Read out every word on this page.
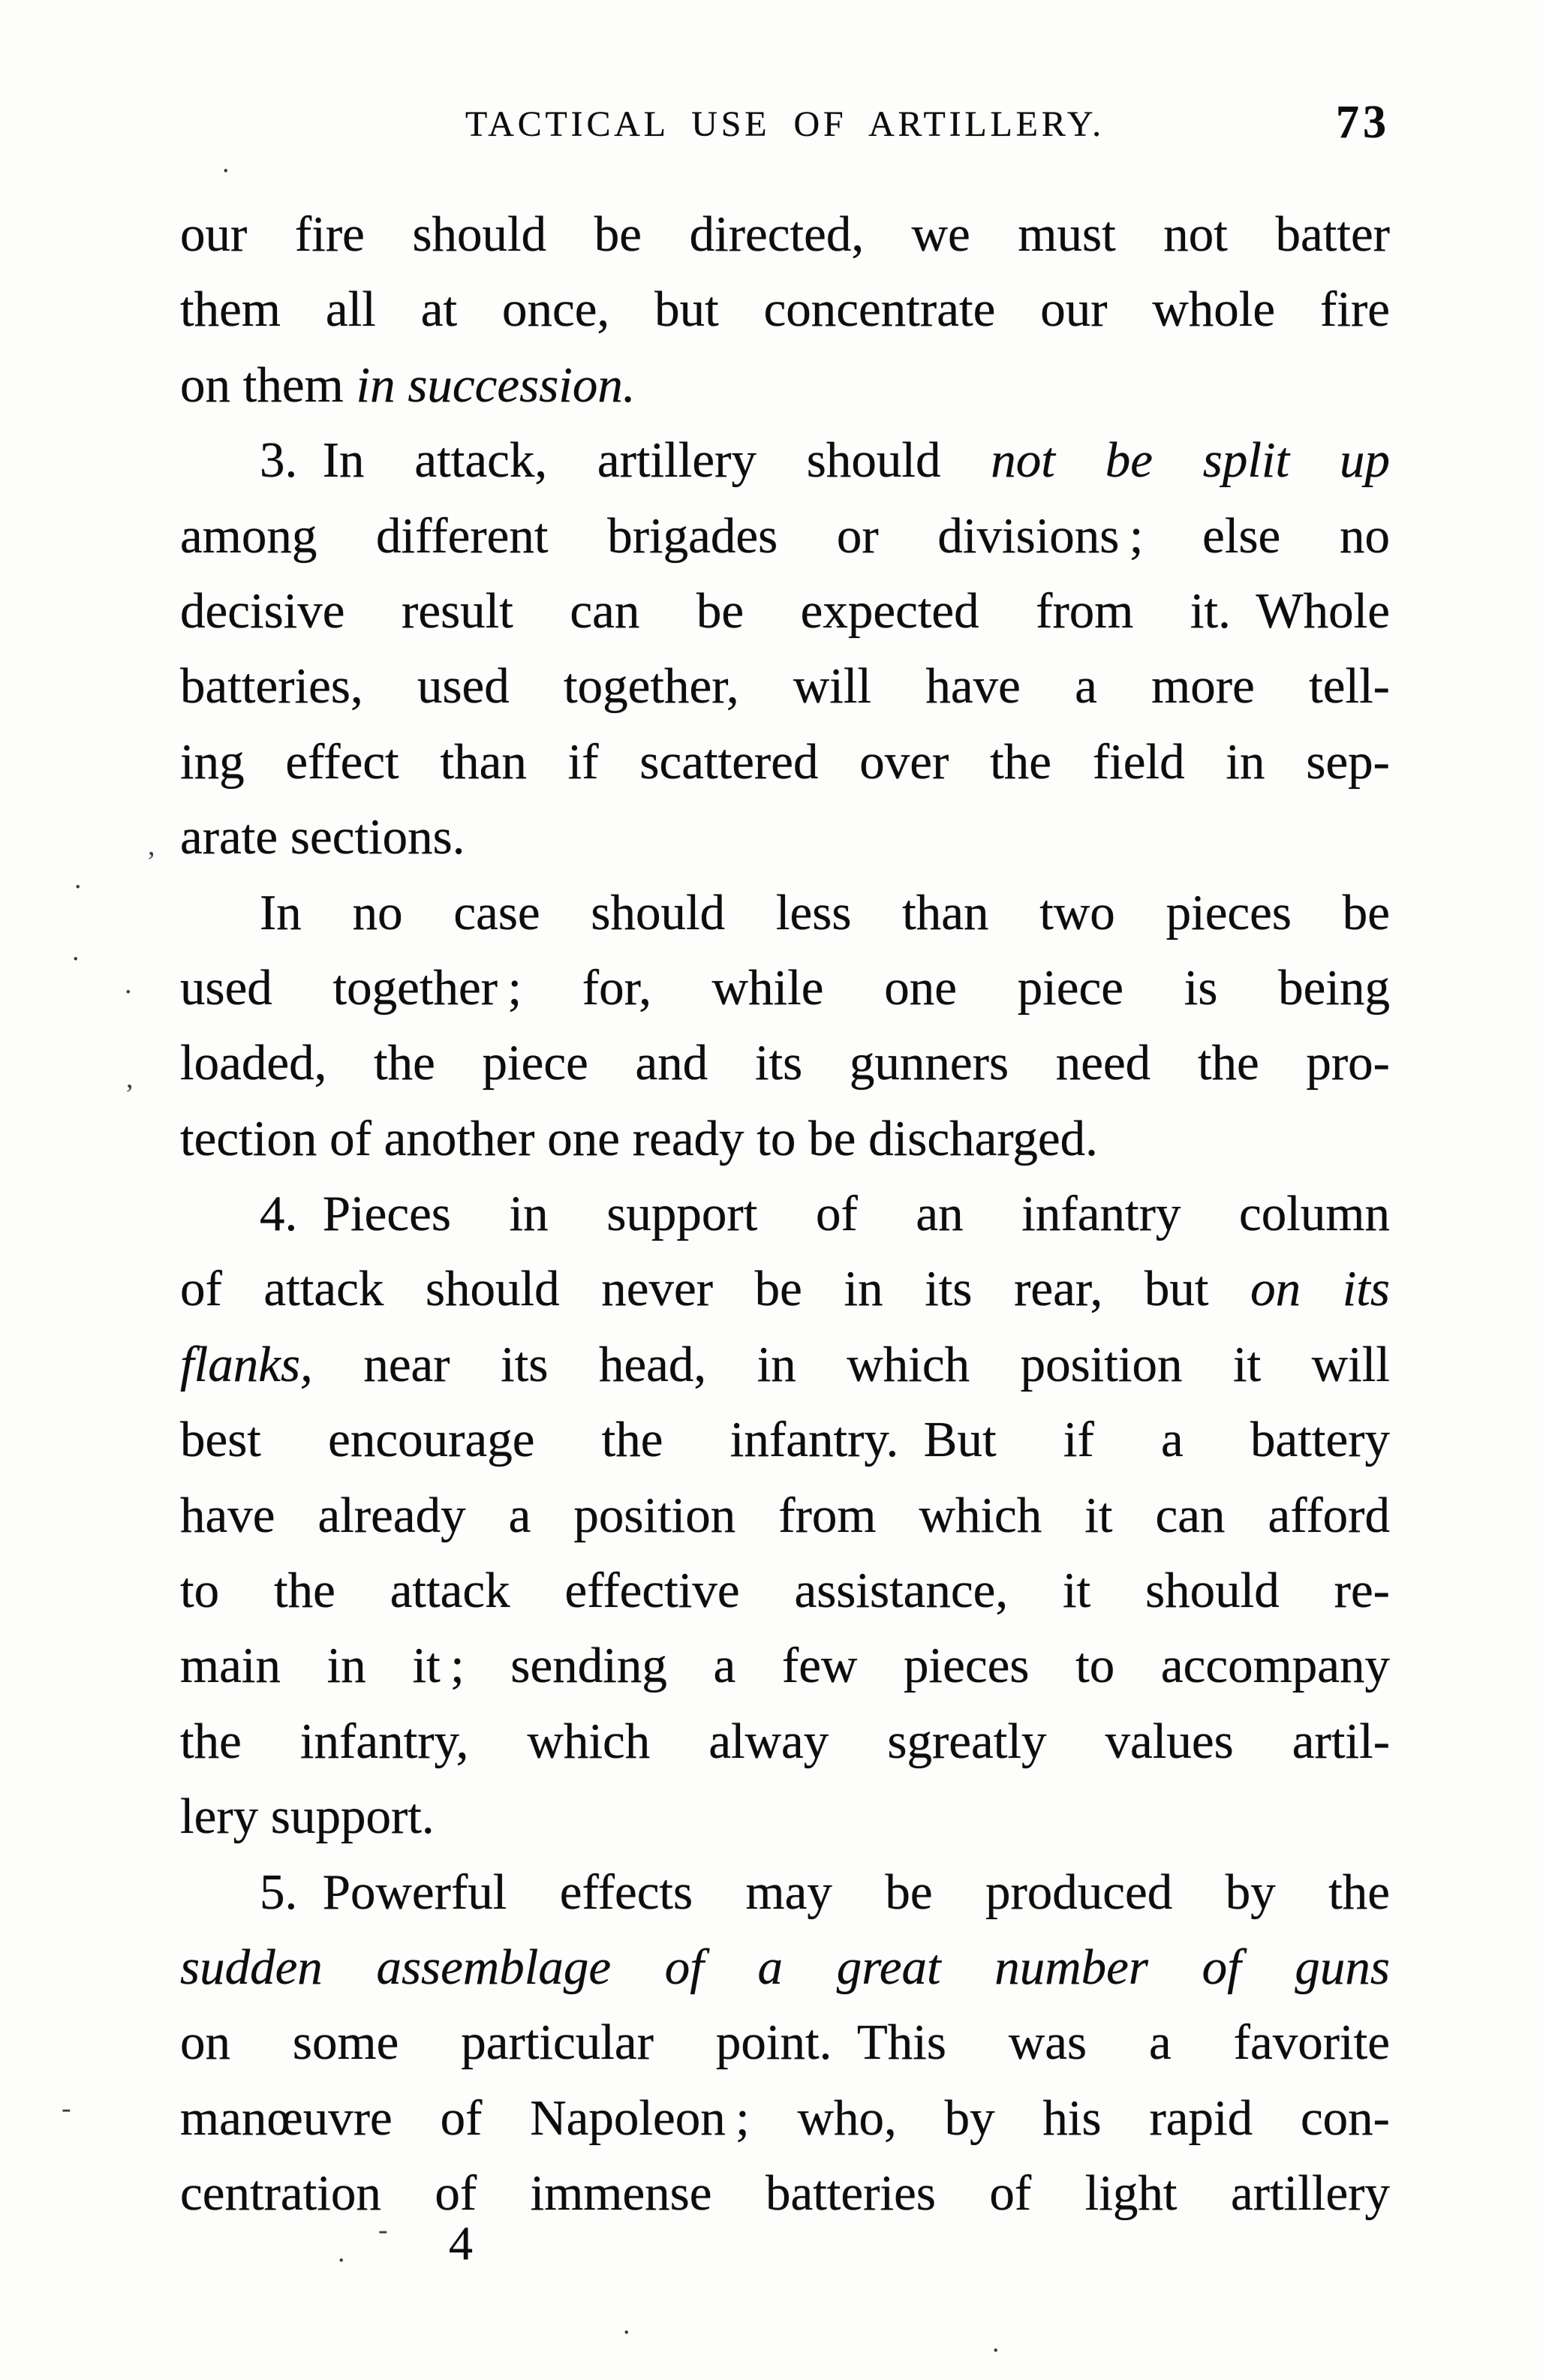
TACTICAL USE OF ARTILLERY.	73
our fire should be directed, we must not batter
them all at once, but concentrate our whole fire
on them in succession.
3. In attack, artillery should not be split up
among different brigades or divisions ; else no
decisive result can be expected from it. Whole
batteries, used together, will have a more tell-
ing effect than if scattered over the field in sep-
arate sections.
In no case should less than two pieces be
used together ; for, while one piece is being
loaded, the piece and its gunners need the pro-
tection of another one ready to be discharged.
4. Pieces in support of an infantry column
of attack should never be in its rear, but on its
flanks, near its head, in which position it will
best encourage the infantry. But if a battery
have already a position from which it can afford
to the attack effective assistance, it should re-
main in it ; sending a few pieces to accompany
the infantry, which alway sgreatly values artil-
lery support.
5. Powerful effects may be produced by the
sudden assemblage of a great number of guns
on some particular point. This was a favorite
manœuvre of Napoleon ; who, by his rapid con-
centration of immense batteries of light artillery
4
.
,
.
.
.
,
-
-
.
.
.
